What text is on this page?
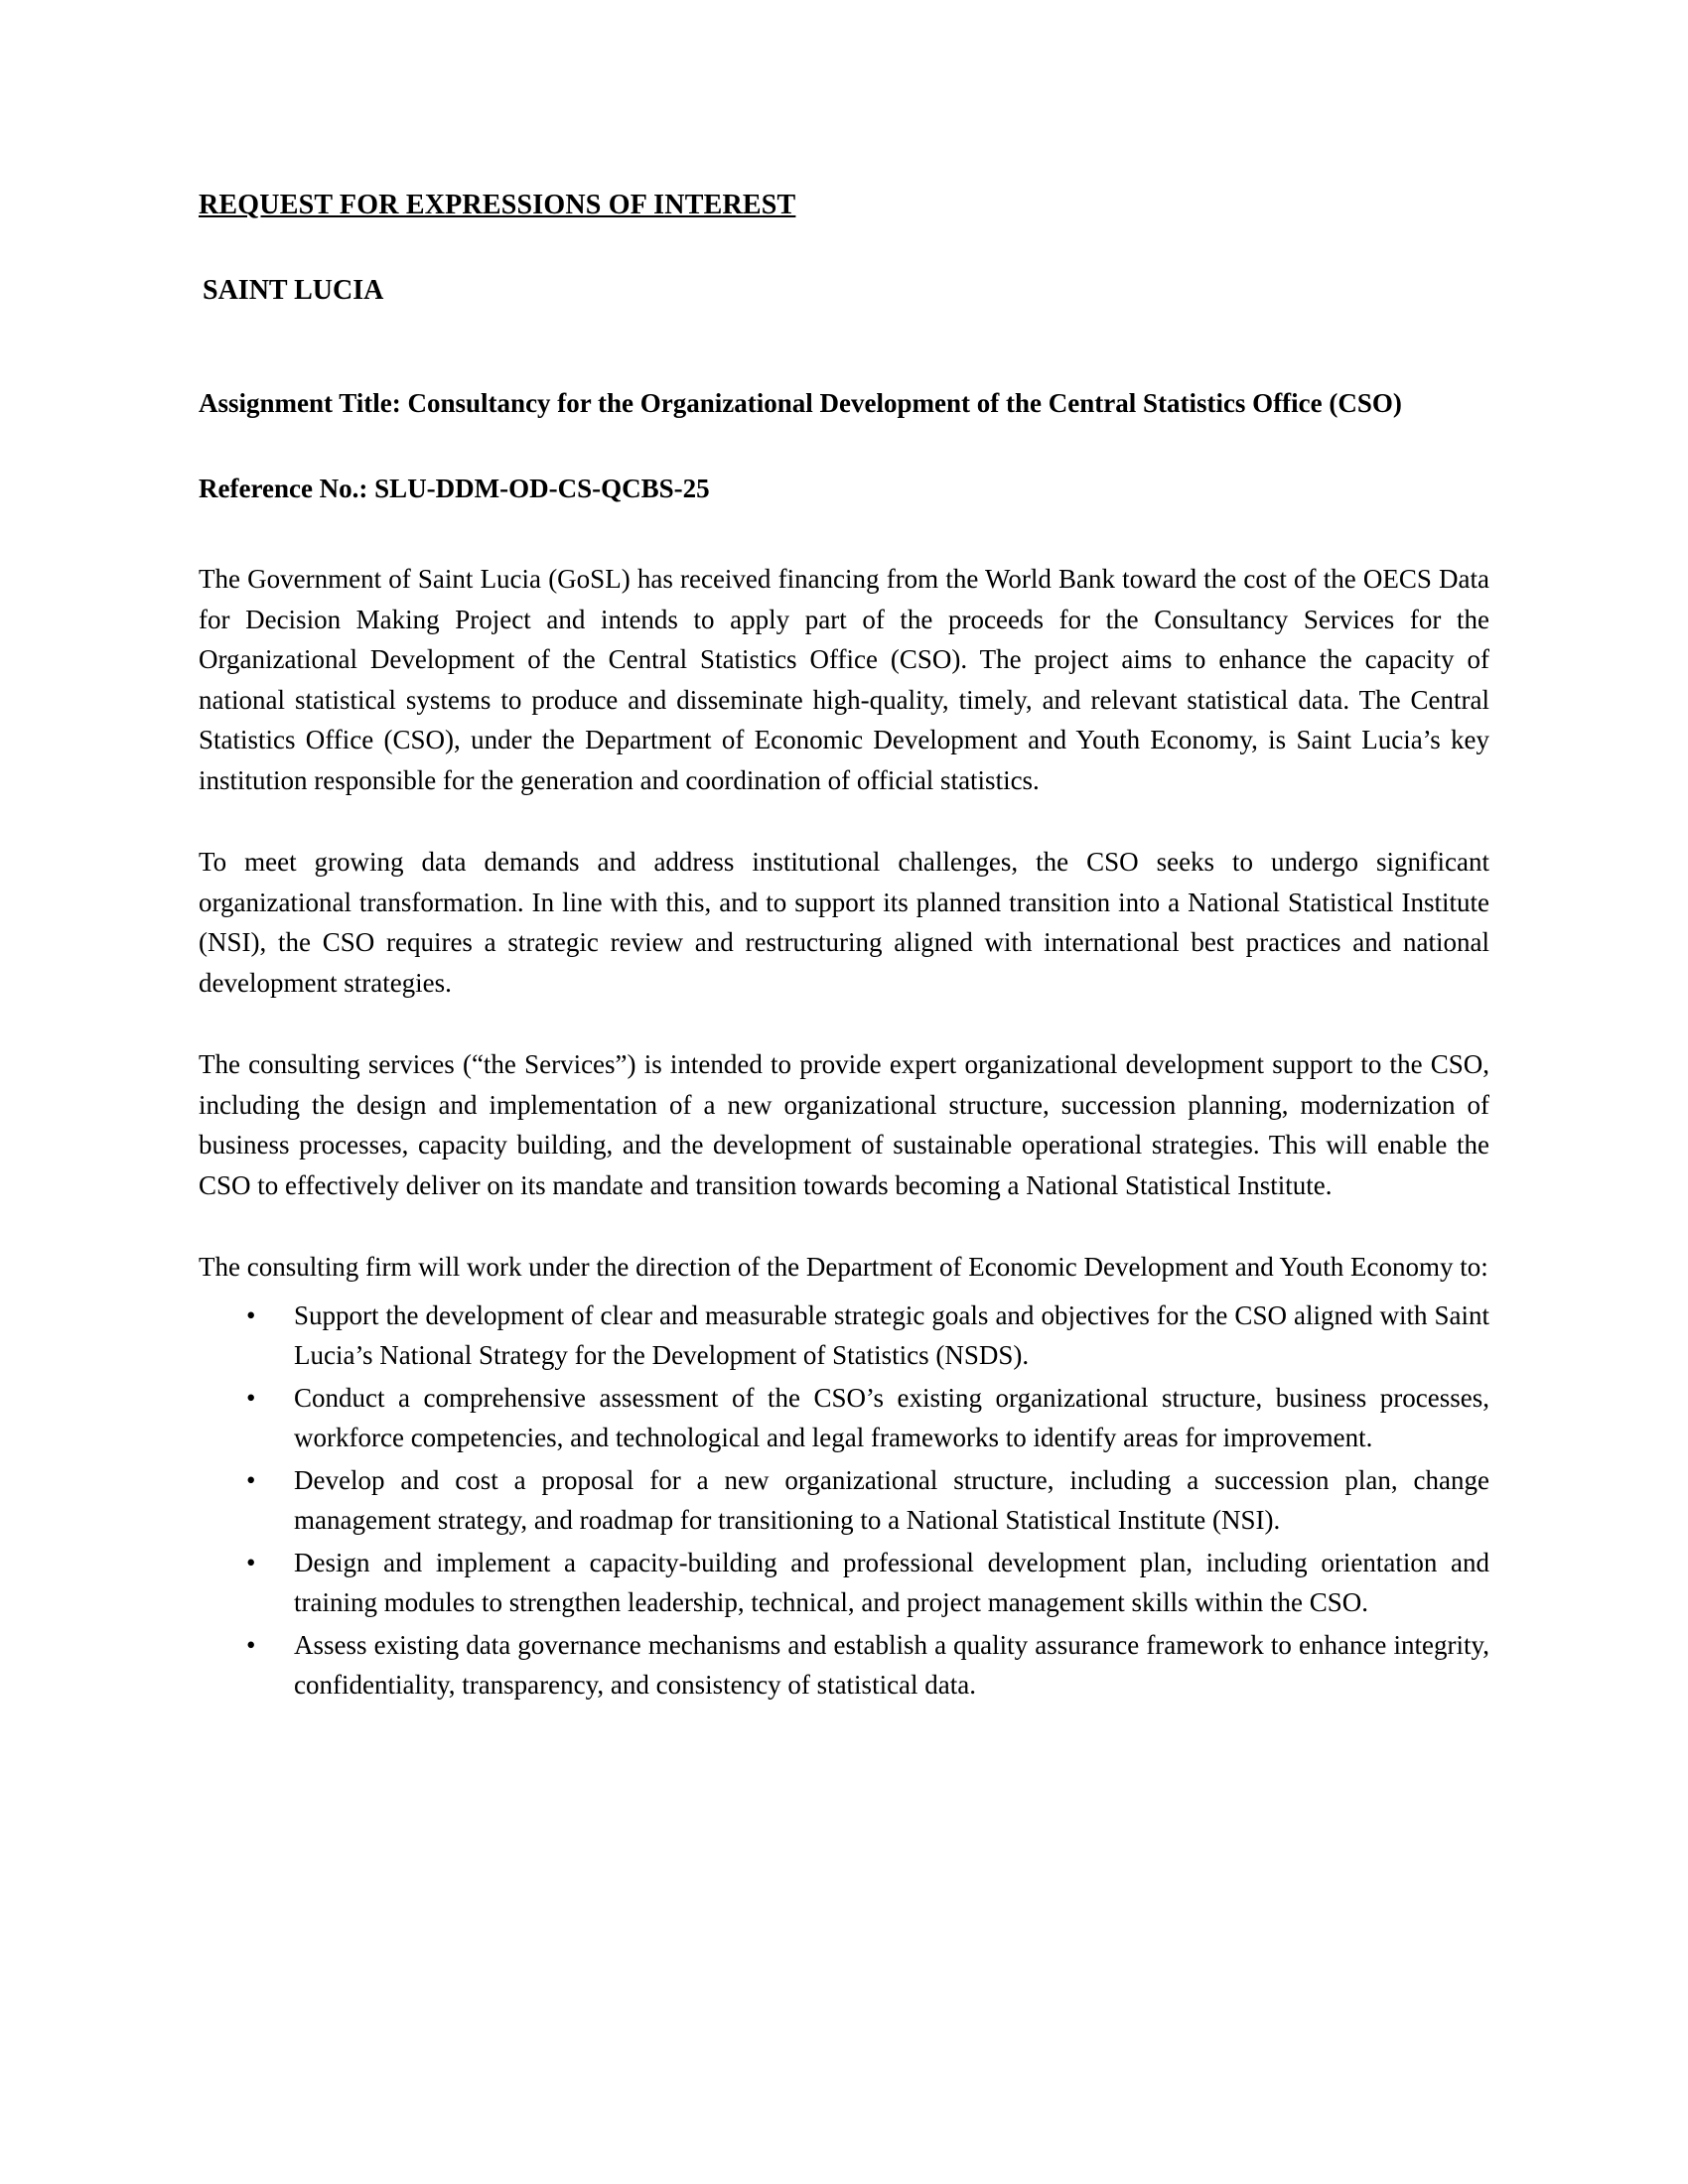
REQUEST FOR EXPRESSIONS OF INTEREST
SAINT LUCIA
Assignment Title: Consultancy for the Organizational Development of the Central Statistics Office (CSO)
Reference No.: SLU-DDM-OD-CS-QCBS-25

The Government of Saint Lucia (GoSL) has received financing from the World Bank toward the cost of the OECS Data for Decision Making Project and intends to apply part of the proceeds for the Consultancy Services for the Organizational Development of the Central Statistics Office (CSO). The project aims to enhance the capacity of national statistical systems to produce and disseminate high-quality, timely, and relevant statistical data. The Central Statistics Office (CSO), under the Department of Economic Development and Youth Economy, is Saint Lucia’s key institution responsible for the generation and coordination of official statistics.

To meet growing data demands and address institutional challenges, the CSO seeks to undergo significant organizational transformation. In line with this, and to support its planned transition into a National Statistical Institute (NSI), the CSO requires a strategic review and restructuring aligned with international best practices and national development strategies.

The consulting services (“the Services”) is intended to provide expert organizational development support to the CSO, including the design and implementation of a new organizational structure, succession planning, modernization of business processes, capacity building, and the development of sustainable operational strategies. This will enable the CSO to effectively deliver on its mandate and transition towards becoming a National Statistical Institute.

The consulting firm will work under the direction of the Department of Economic Development and Youth Economy to:

• Support the development of clear and measurable strategic goals and objectives for the CSO aligned with Saint Lucia’s National Strategy for the Development of Statistics (NSDS).
• Conduct a comprehensive assessment of the CSO’s existing organizational structure, business processes, workforce competencies, and technological and legal frameworks to identify areas for improvement.
• Develop and cost a proposal for a new organizational structure, including a succession plan, change management strategy, and roadmap for transitioning to a National Statistical Institute (NSI).
• Design and implement a capacity-building and professional development plan, including orientation and training modules to strengthen leadership, technical, and project management skills within the CSO.
• Assess existing data governance mechanisms and establish a quality assurance framework to enhance integrity, confidentiality, transparency, and consistency of statistical data.
